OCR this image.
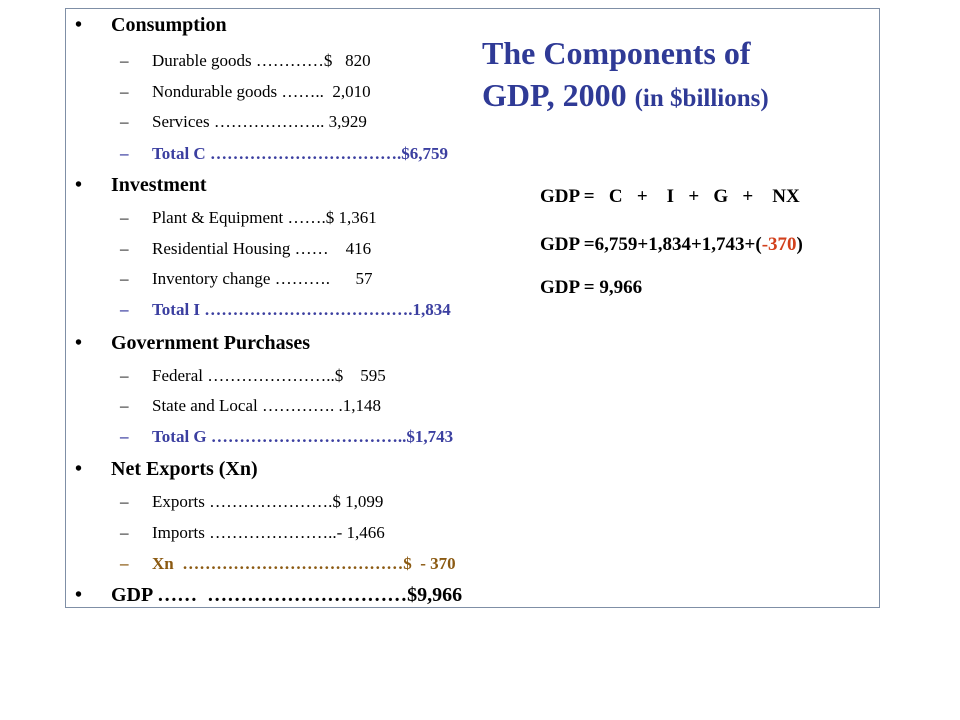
The Components of
GDP, 2000 (in $billions)
• Consumption
– Durable goods …………$   820
– Nondurable goods ……..  2,010
– Services ……………….. 3,929
– Total C …………………………….$6,759
• Investment
– Plant & Equipment …….$ 1,361
– Residential Housing ……    416
– Inventory change ……….      57
– Total I ……………………………….1,834
• Government Purchases
– Federal …………………..$    595
– State and Local …………. .1,148
– Total G ……………………………..$1,743
• Net Exports (Xn)
– Exports ………………….$ 1,099
– Imports …………………..- 1,466
– Xn  …………………………………$  - 370
• GDP ……  …………………………$9,966
GDP =   C   +    I   +   G   +    NX
GDP =6,759+1,834+1,743+(-370)
GDP = 9,966
